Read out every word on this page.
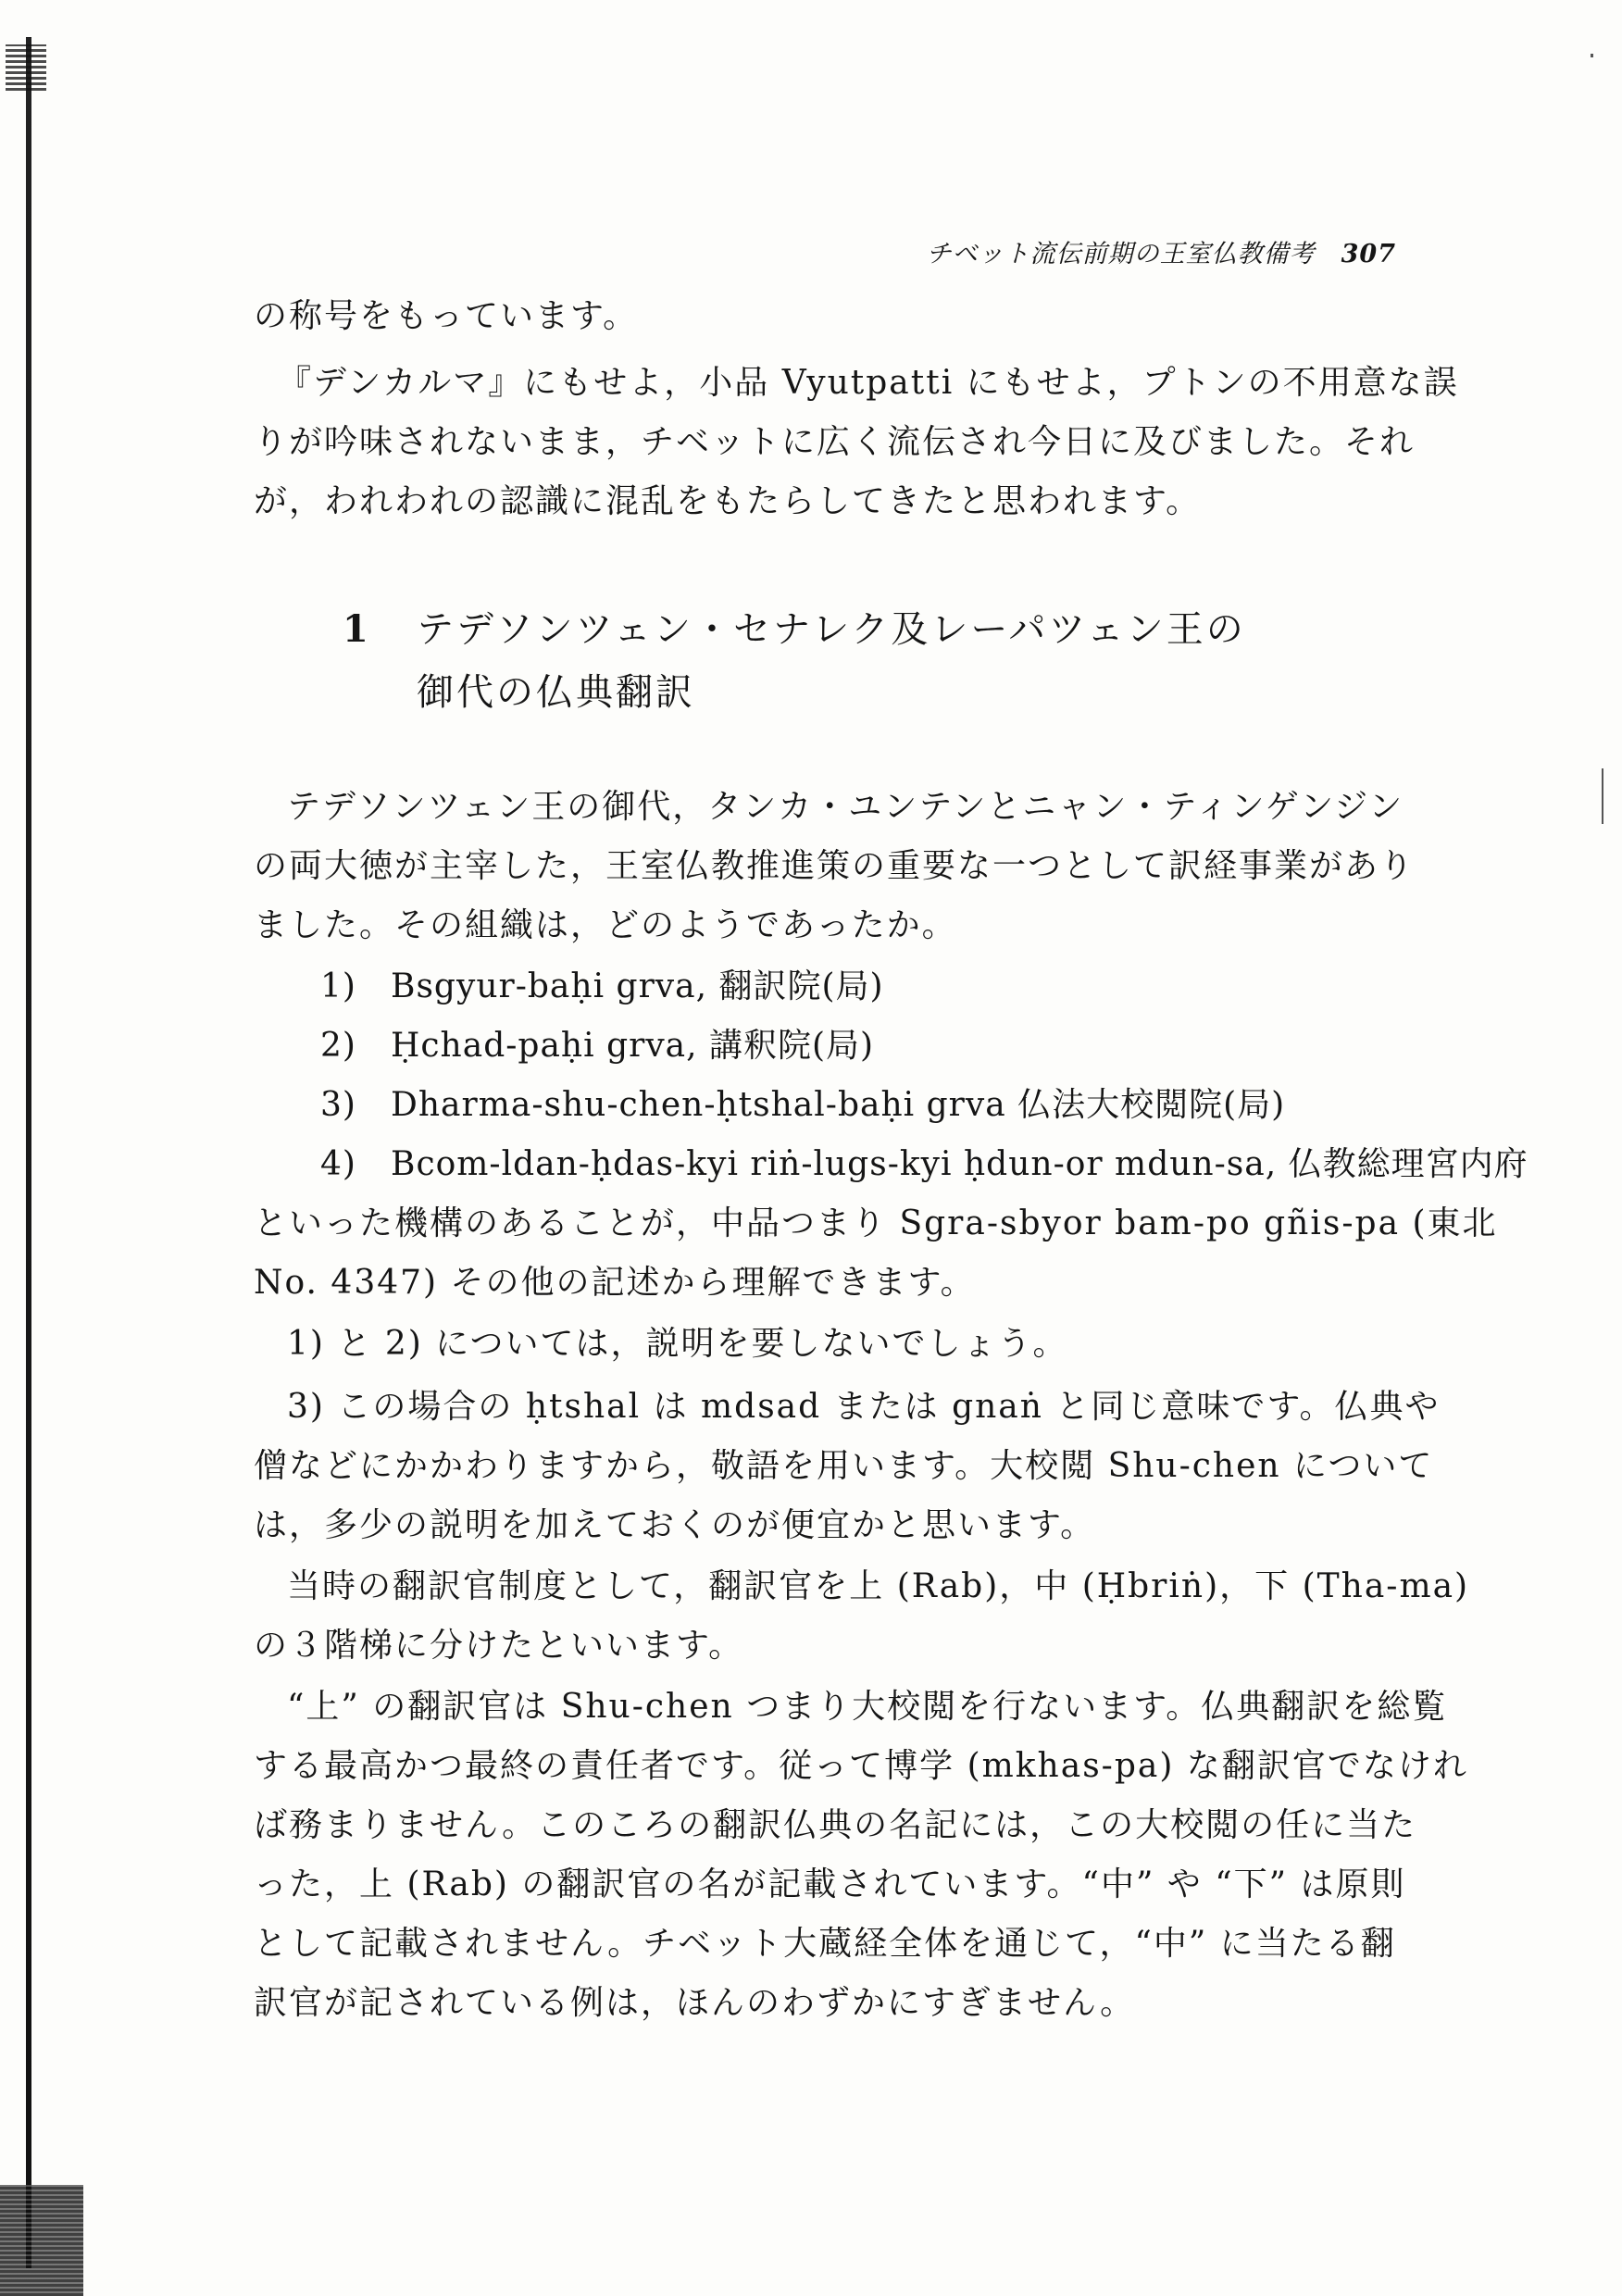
チベット流伝前期の王室仏教備考 307
の称号をもっています。
『デンカルマ』にもせよ，小品 Vyutpatti にもせよ，プトンの不用意な誤
りが吟味されないまま，チベットに広く流伝され今日に及びました。それ
が，われわれの認識に混乱をもたらしてきたと思われます。
1 テデソンツェン・セナレク及レーパツェン王の
御代の仏典翻訳
テデソンツェン王の御代，タンカ・ユンテンとニャン・ティンゲンジン
の両大徳が主宰した，王室仏教推進策の重要な一つとして訳経事業があり
ました。その組織は，どのようであったか。
1) Bsgyur-baḥi grva, 翻訳院(局)
2) Ḥchad-paḥi grva, 講釈院(局)
3) Dharma-shu-chen-ḥtshal-baḥi grva 仏法大校閲院(局)
4) Bcom-ldan-ḥdas-kyi riṅ-lugs-kyi ḥdun-or mdun-sa, 仏教総理宮内府
といった機構のあることが，中品つまり Sgra-sbyor bam-po gñis-pa (東北
No. 4347) その他の記述から理解できます。
1) と 2) については，説明を要しないでしょう。
3) この場合の ḥtshal は mdsad または gnaṅ と同じ意味です。仏典や
僧などにかかわりますから，敬語を用います。大校閲 Shu-chen について
は，多少の説明を加えておくのが便宜かと思います。
当時の翻訳官制度として，翻訳官を上 (Rab)，中 (Ḥbriṅ)，下 (Tha-ma)
の３階梯に分けたといいます。
“上” の翻訳官は Shu-chen つまり大校閲を行ないます。仏典翻訳を総覧
する最高かつ最終の責任者です。従って博学 (mkhas-pa) な翻訳官でなけれ
ば務まりません。このころの翻訳仏典の名記には，この大校閲の任に当た
った，上 (Rab) の翻訳官の名が記載されています。“中” や “下” は原則
として記載されません。チベット大蔵経全体を通じて，“中” に当たる翻
訳官が記されている例は，ほんのわずかにすぎません。
